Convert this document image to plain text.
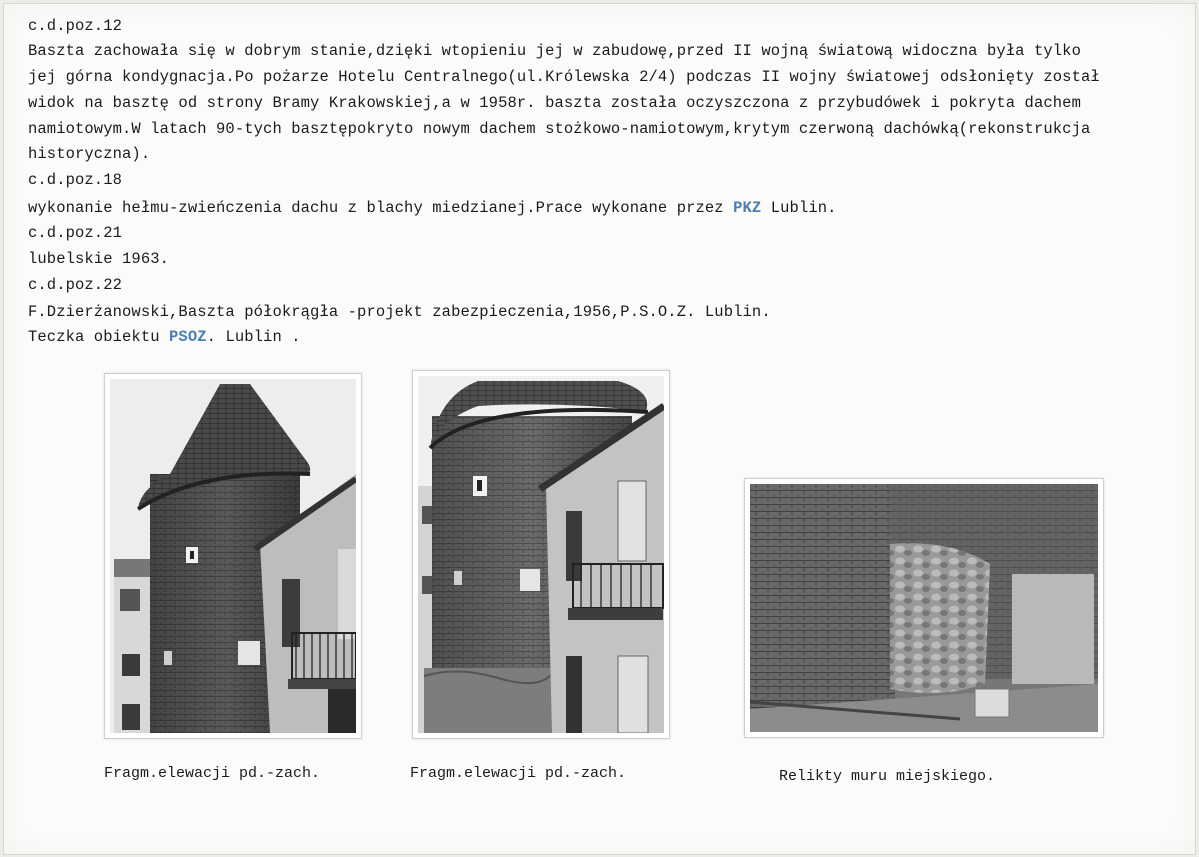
c.d.poz.12
Baszta zachowała się w dobrym stanie,dzięki wtopieniu jej w zabudowę,przed II wojną światową widoczna była tylko
jej górna kondygnacja.Po pożarze Hotelu Centralnego(ul.Królewska 2/4) podczas II wojny światowej odsłonięty został
widok na basztę od strony Bramy Krakowskiej,a w 1958r. baszta została oczyszczona z przybudówek i pokryta dachem
namiotowym.W latach 90-tych basztępokryto nowym dachem stożkowo-namiotowym,krytym czerwoną dachówką(rekonstrukcja
historyczna).
c.d.poz.18
wykonanie hełmu-zwieńczenia dachu z blachy miedzianej.Prace wykonane przez PKZ Lublin.
c.d.poz.21
lubelskie 1963.
c.d.poz.22
F.Dzierżanowski,Baszta półokrągła -projekt zabezpieczenia,1956,P.S.O.Z. Lublin.
Teczka obiektu PSOZ. Lublin .
Fragm.elewacji pd.-zach.	Fragm.elewacji pd.-zach.	Relikty muru miejskiego.
